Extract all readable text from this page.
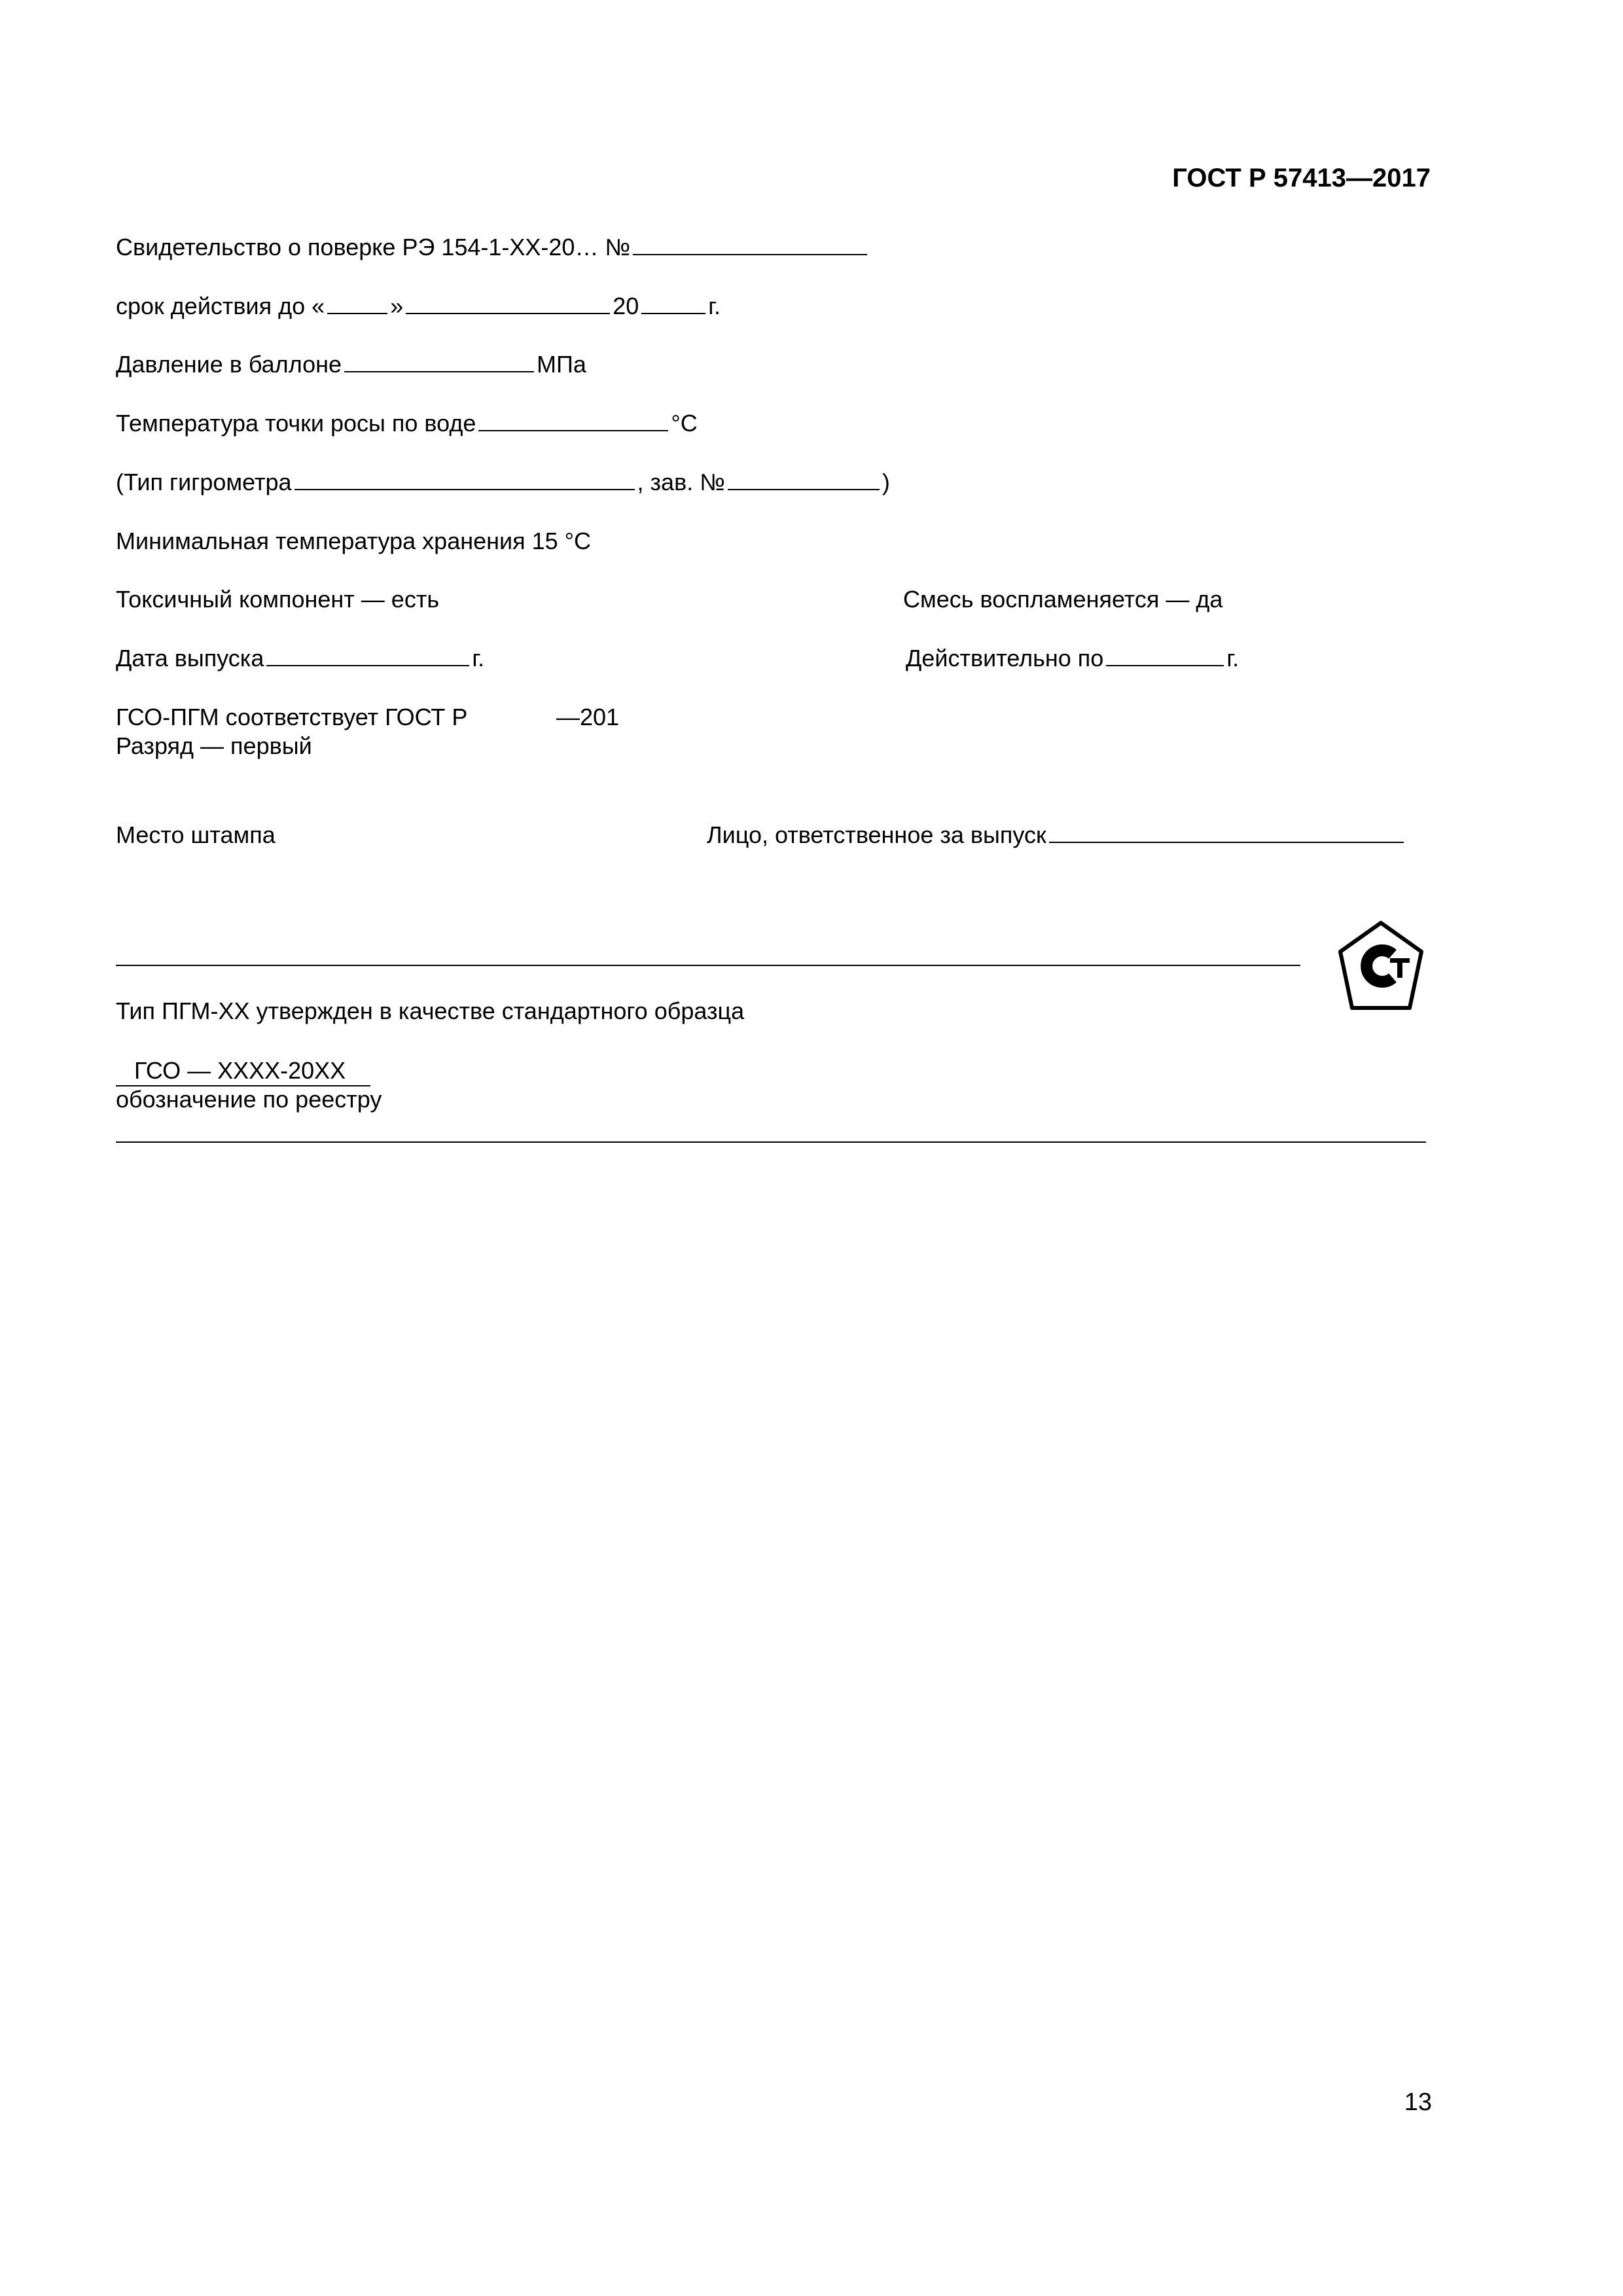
ГОСТ Р 57413—2017
Свидетельство о поверке РЭ 154-1-ХХ-20… №
срок действия до «	»	20	г.
Давление в баллоне	МПа
Температура точки росы по воде	°С
(Тип гигрометра	, зав. №	)
Минимальная температура хранения 15 °С
Токсичный компонент — есть	Смесь воспламеняется — да
Дата выпуска	г.	Действительно по	г.
ГСО-ПГМ соответствует ГОСТ Р	—201
Разряд — первый
Место штампа	Лицо, ответственное за выпуск
Тип ПГМ-ХХ утвержден в качестве стандартного образца
ГСО — ХХХХ-20ХХ
обозначение по реестру
13
